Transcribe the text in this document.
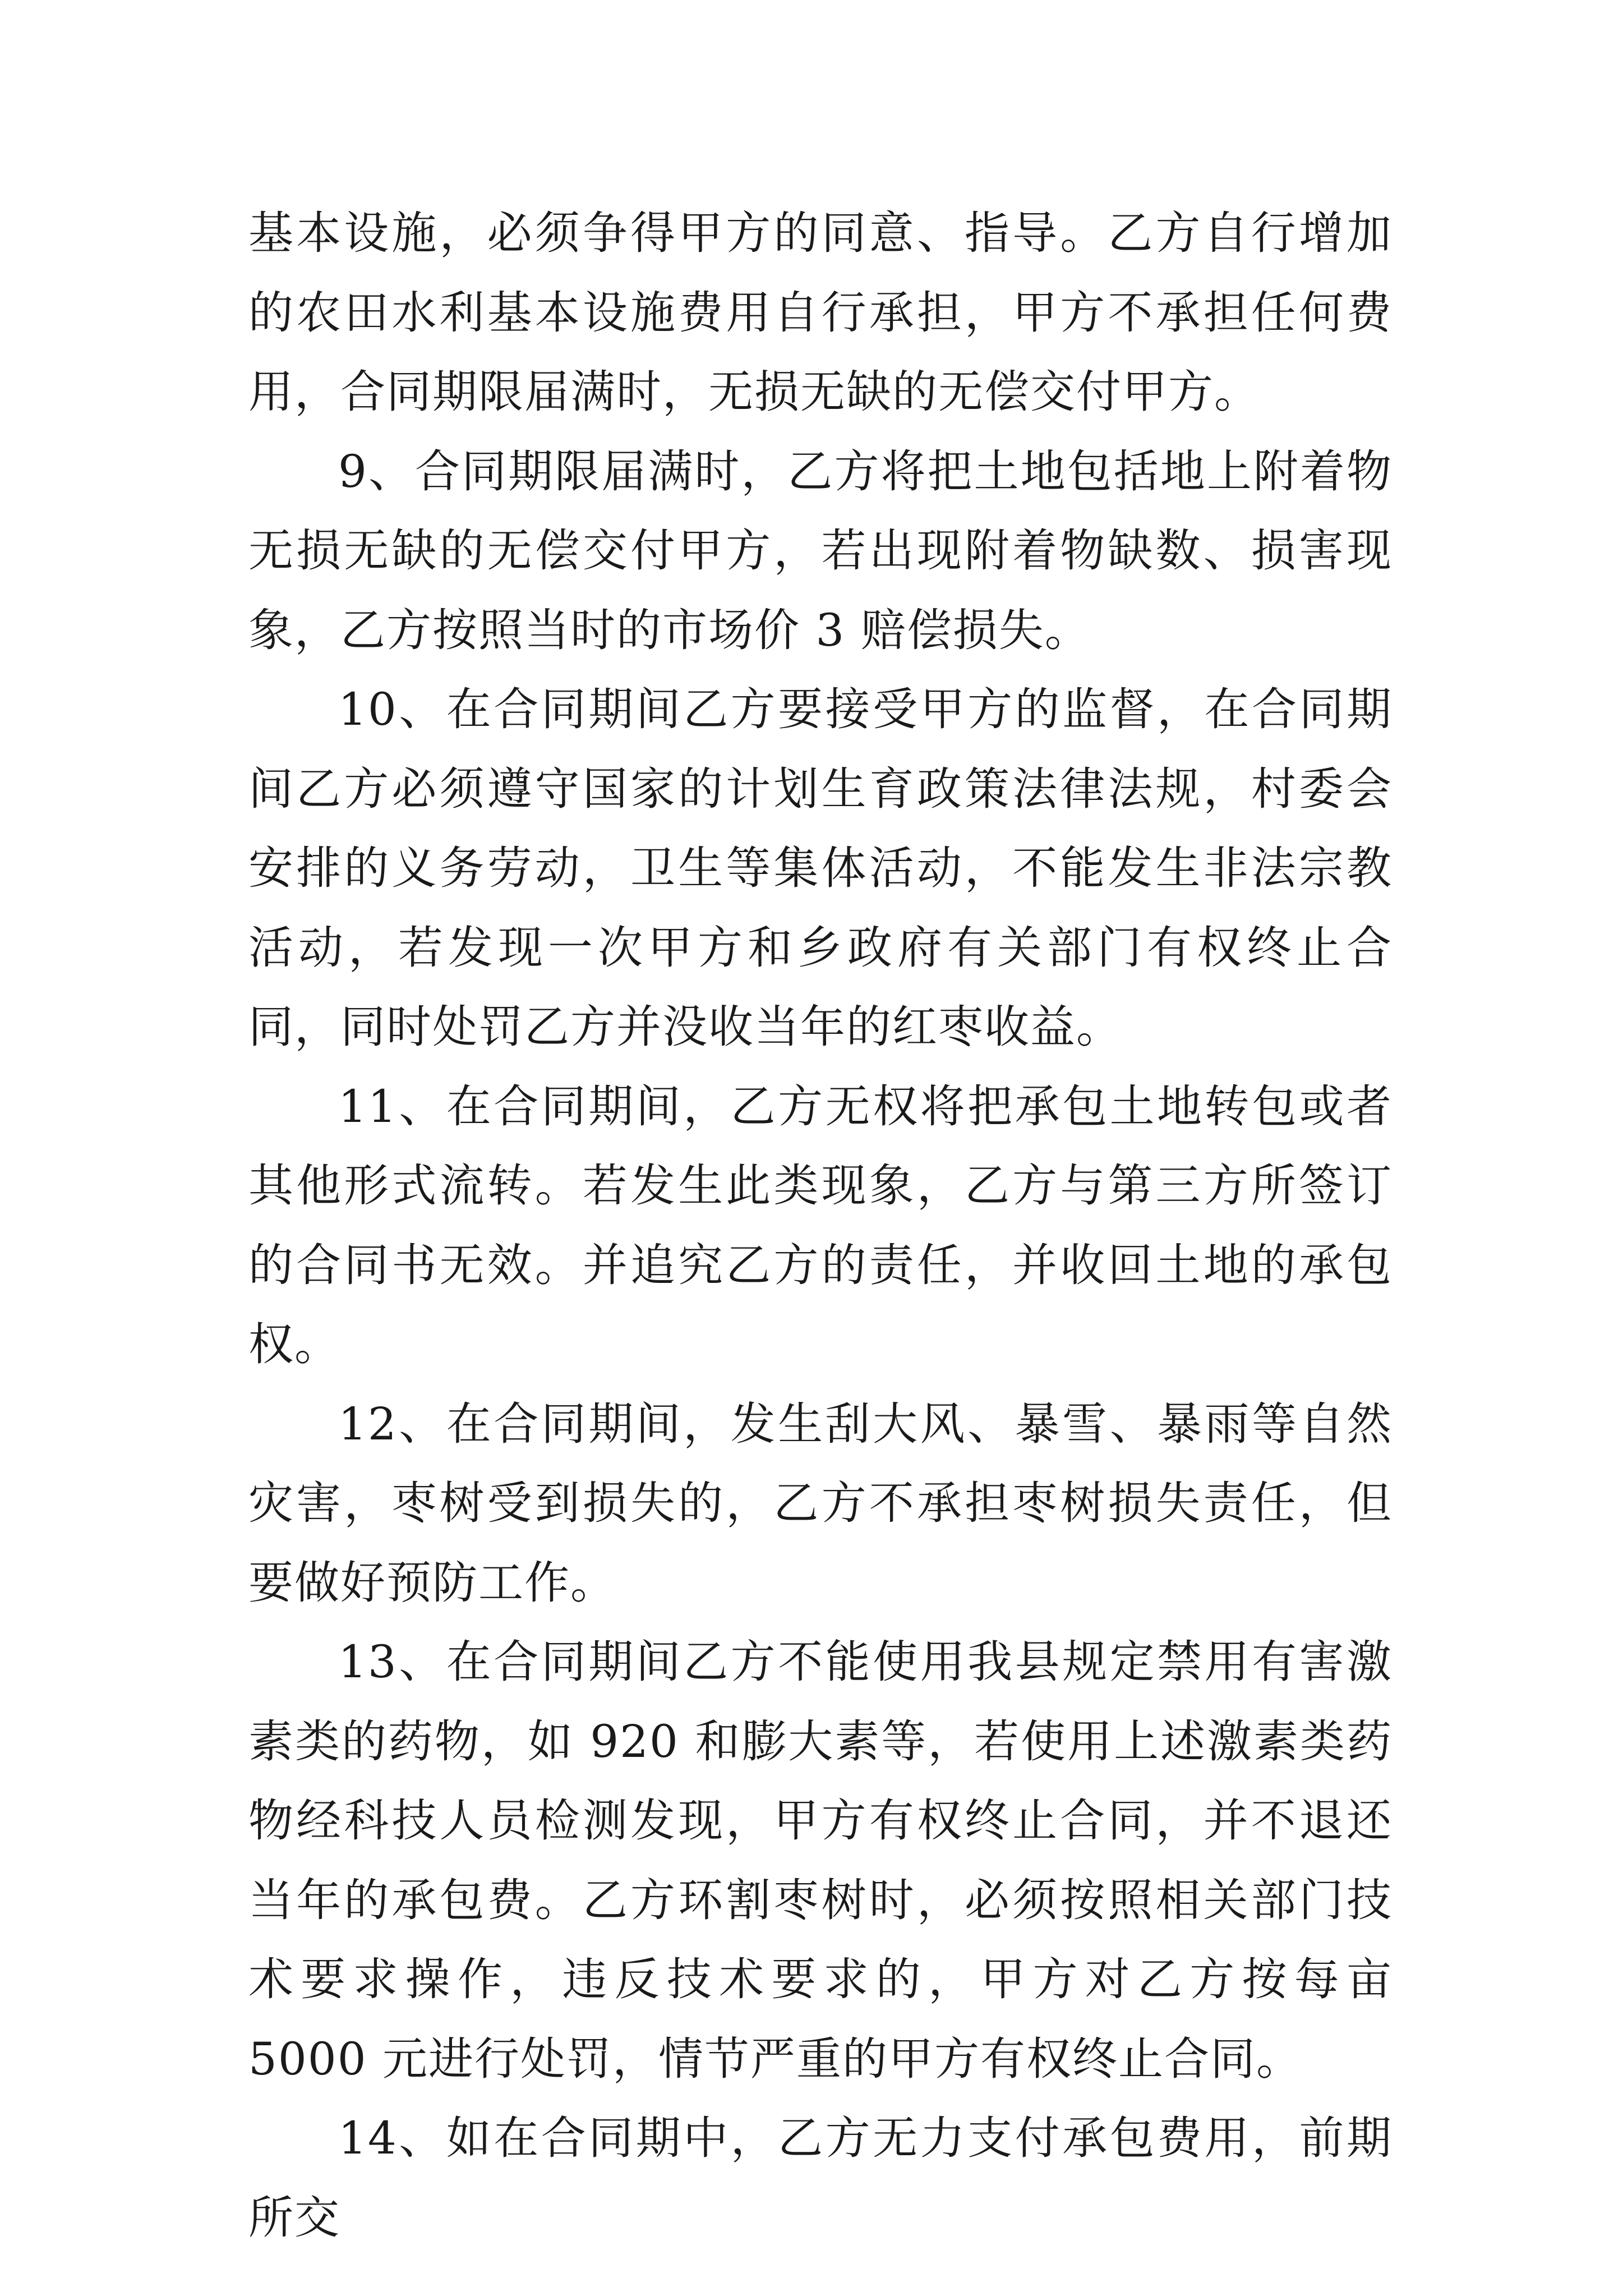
基本设施，必须争得甲方的同意、指导。乙方自行增加的农田水利基本设施费用自行承担，甲方不承担任何费用，合同期限届满时，无损无缺的无偿交付甲方。

9、合同期限届满时，乙方将把土地包括地上附着物无损无缺的无偿交付甲方，若出现附着物缺数、损害现象，乙方按照当时的市场价 3 赔偿损失。

10、在合同期间乙方要接受甲方的监督，在合同期间乙方必须遵守国家的计划生育政策法律法规，村委会安排的义务劳动，卫生等集体活动，不能发生非法宗教活动，若发现一次甲方和乡政府有关部门有权终止合同，同时处罚乙方并没收当年的红枣收益。

11、在合同期间，乙方无权将把承包土地转包或者其他形式流转。若发生此类现象，乙方与第三方所签订的合同书无效。并追究乙方的责任，并收回土地的承包权。

12、在合同期间，发生刮大风、暴雪、暴雨等自然灾害，枣树受到损失的，乙方不承担枣树损失责任，但要做好预防工作。

13、在合同期间乙方不能使用我县规定禁用有害激素类的药物，如 920 和膨大素等，若使用上述激素类药物经科技人员检测发现，甲方有权终止合同，并不退还当年的承包费。乙方环割枣树时，必须按照相关部门技术要求操作，违反技术要求的，甲方对乙方按每亩 5000 元进行处罚，情节严重的甲方有权终止合同。

14、如在合同期中，乙方无力支付承包费用，前期所交
